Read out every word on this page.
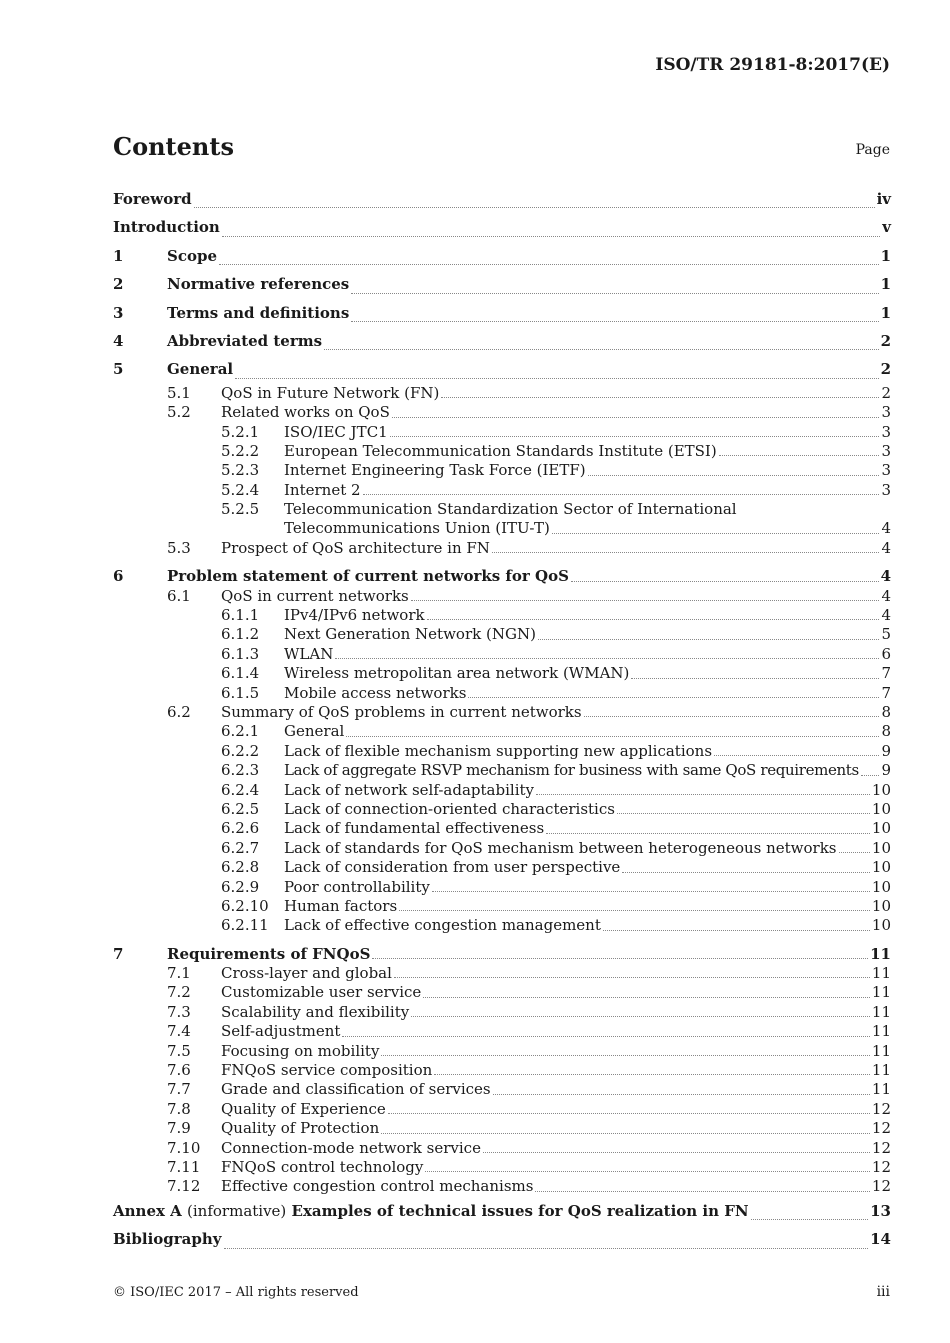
ISO/TR 29181-8:2017(E)
Contents	Page
Foreword	iv
Introduction	v
1	Scope	1
2	Normative references	1
3	Terms and definitions	1
4	Abbreviated terms	2
5	General	2
5.1	QoS in Future Network (FN)	2
5.2	Related works on QoS	3
5.2.1	ISO/IEC JTC1	3
5.2.2	European Telecommunication Standards Institute (ETSI)	3
5.2.3	Internet Engineering Task Force (IETF)	3
5.2.4	Internet 2	3
5.2.5	Telecommunication Standardization Sector of International
Telecommunications Union (ITU-T)	4
5.3	Prospect of QoS architecture in FN	4
6	Problem statement of current networks for QoS	4
6.1	QoS in current networks	4
6.1.1	IPv4/IPv6 network	4
6.1.2	Next Generation Network (NGN)	5
6.1.3	WLAN	6
6.1.4	Wireless metropolitan area network (WMAN)	7
6.1.5	Mobile access networks	7
6.2	Summary of QoS problems in current networks	8
6.2.1	General	8
6.2.2	Lack of flexible mechanism supporting new applications	9
6.2.3	Lack of aggregate RSVP mechanism for business with same QoS requirements 9
6.2.4	Lack of network self-adaptability	10
6.2.5	Lack of connection-oriented characteristics	10
6.2.6	Lack of fundamental effectiveness	10
6.2.7	Lack of standards for QoS mechanism between heterogeneous networks 10
6.2.8	Lack of consideration from user perspective	10
6.2.9	Poor controllability	10
6.2.10	Human factors	10
6.2.11	Lack of effective congestion management	10
7	Requirements of FNQoS	11
7.1	Cross-layer and global	11
7.2	Customizable user service	11
7.3	Scalability and flexibility	11
7.4	Self-adjustment	11
7.5	Focusing on mobility	11
7.6	FNQoS service composition	11
7.7	Grade and classification of services	11
7.8	Quality of Experience	12
7.9	Quality of Protection	12
7.10	Connection-mode network service	12
7.11	FNQoS control technology	12
7.12	Effective congestion control mechanisms	12
Annex A (informative) Examples of technical issues for QoS realization in FN	13
Bibliography	14
© ISO/IEC 2017 – All rights reserved	iii
